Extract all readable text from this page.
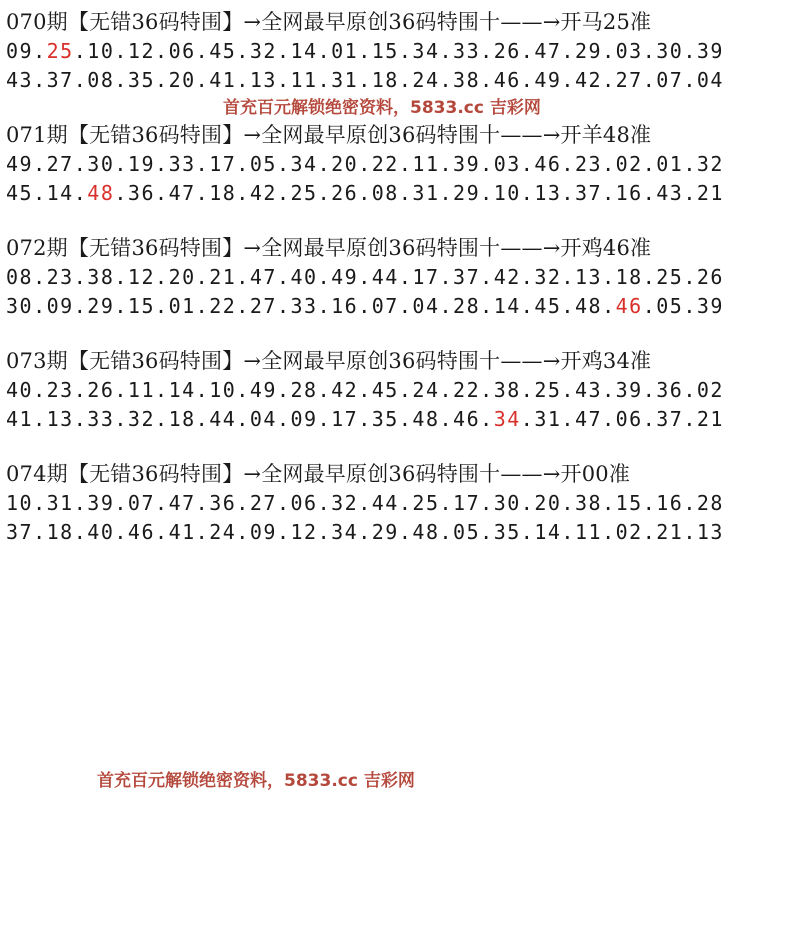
070期【无错36码特围】→全网最早原创36码特围十——→开马25准
09.25.10.12.06.45.32.14.01.15.34.33.26.47.29.03.30.39
43.37.08.35.20.41.13.11.31.18.24.38.46.49.42.27.07.04
071期【无错36码特围】→全网最早原创36码特围十——→开羊48准
49.27.30.19.33.17.05.34.20.22.11.39.03.46.23.02.01.32
45.14.48.36.47.18.42.25.26.08.31.29.10.13.37.16.43.21
072期【无错36码特围】→全网最早原创36码特围十——→开鸡46准
08.23.38.12.20.21.47.40.49.44.17.37.42.32.13.18.25.26
30.09.29.15.01.22.27.33.16.07.04.28.14.45.48.46.05.39
073期【无错36码特围】→全网最早原创36码特围十——→开鸡34准
40.23.26.11.14.10.49.28.42.45.24.22.38.25.43.39.36.02
41.13.33.32.18.44.04.09.17.35.48.46.34.31.47.06.37.21
074期【无错36码特围】→全网最早原创36码特围十——→开00准
10.31.39.07.47.36.27.06.32.44.25.17.30.20.38.15.16.28
37.18.40.46.41.24.09.12.34.29.48.05.35.14.11.02.21.13
首充百元解锁绝密资料，5833.cc 吉彩网
首充百元解锁绝密资料，5833.cc 吉彩网
